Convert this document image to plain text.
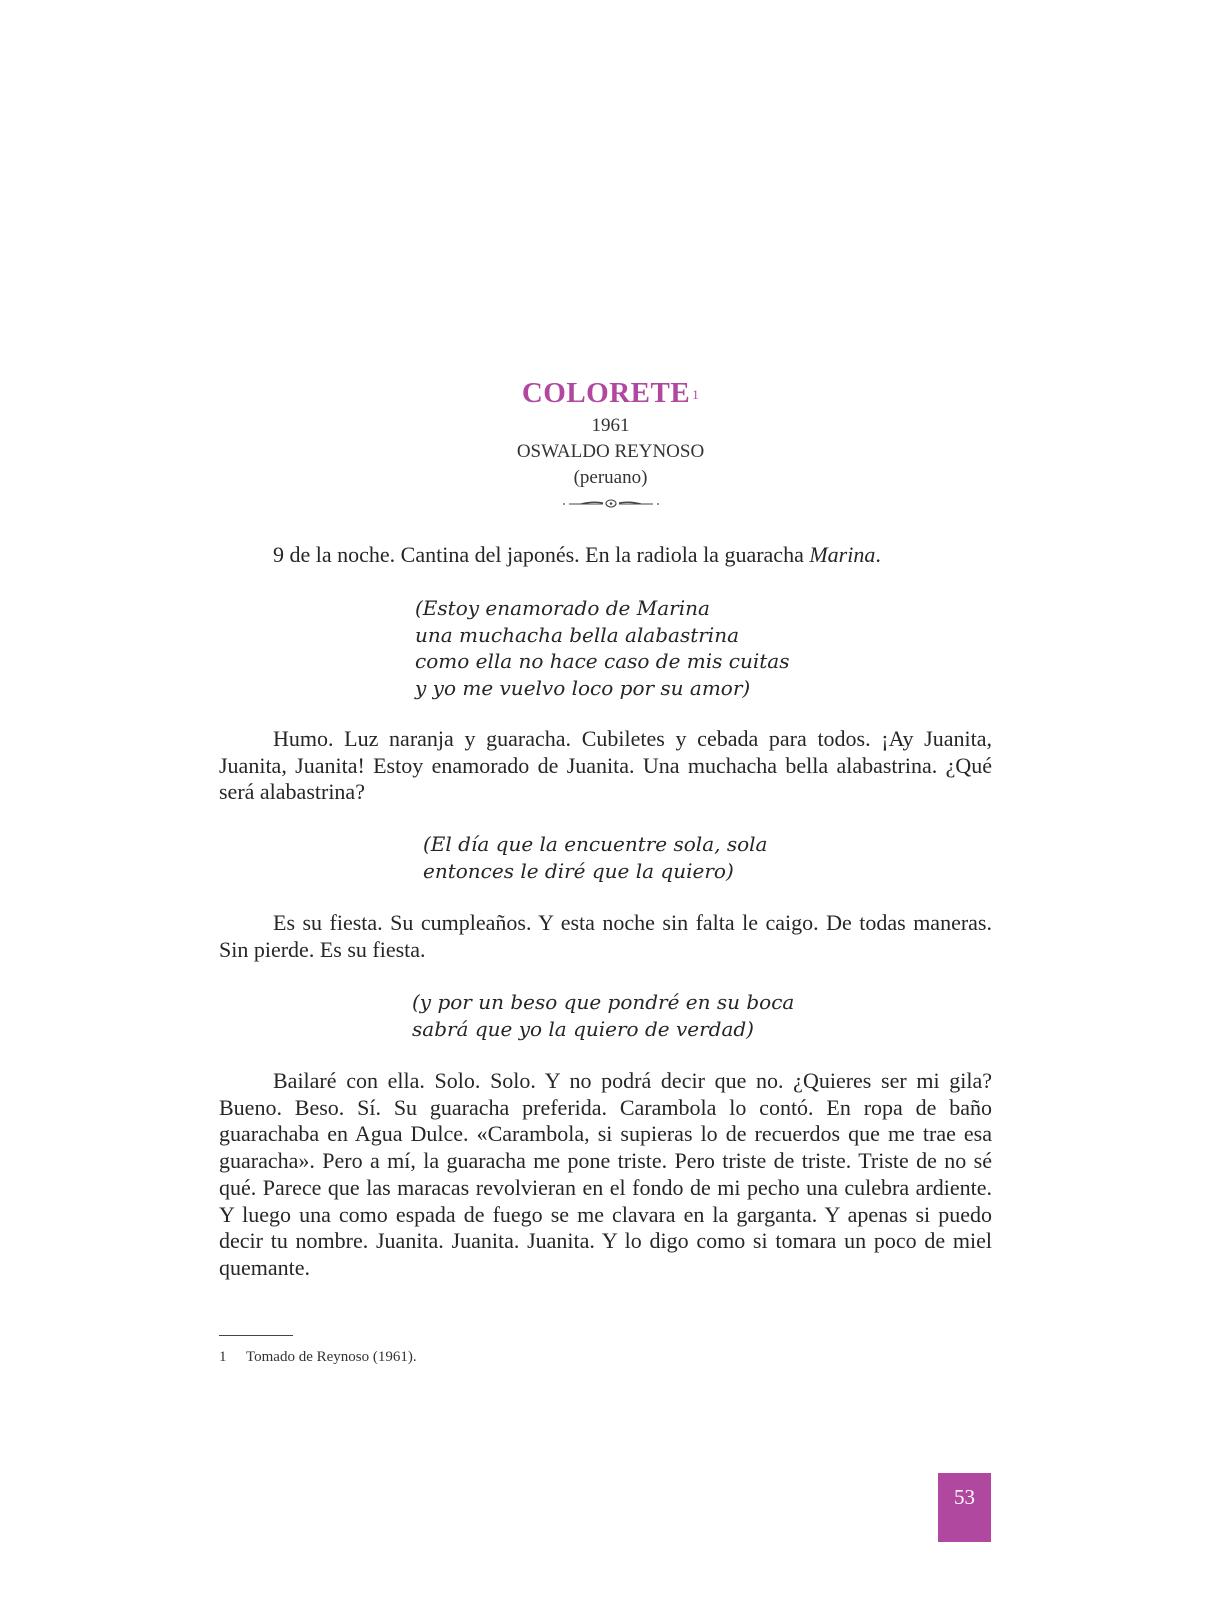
COLORETE $^1$
1961
OSWALDO REYNOSO
(peruano)

9 de la noche. Cantina del japonés. En la radiola la guaracha Marina.

(Estoy enamorado de Marina
una muchacha bella alabastrina
como ella no hace caso de mis cuitas
y yo me vuelvo loco por su amor)

Humo. Luz naranja y guaracha. Cubiletes y cebada para todos. ¡Ay Juanita, Juanita, Juanita! Estoy enamorado de Juanita. Una muchacha bella alabastrina. ¿Qué será alabastrina?

(El día que la encuentre sola, sola
entonces le diré que la quiero)

Es su fiesta. Su cumpleaños. Y esta noche sin falta le caigo. De todas maneras. Sin pierde. Es su fiesta.

(y por un beso que pondré en su boca
sabrá que yo la quiero de verdad)

Bailaré con ella. Solo. Solo. Y no podrá decir que no. ¿Quieres ser mi gila? Bueno. Beso. Sí. Su guaracha preferida. Carambola lo contó. En ropa de baño guarachaba en Agua Dulce. «Carambola, si supieras lo de recuerdos que me trae esa guaracha». Pero a mí, la guaracha me pone triste. Pero triste de triste. Triste de no sé qué. Parece que las maracas revolvieran en el fondo de mi pecho una culebra ardiente. Y luego una como espada de fuego se me clavara en la garganta. Y apenas si puedo decir tu nombre. Juanita. Juanita. Juanita. Y lo digo como si tomara un poco de miel quemante.

1 Tomado de Reynoso (1961).
53
